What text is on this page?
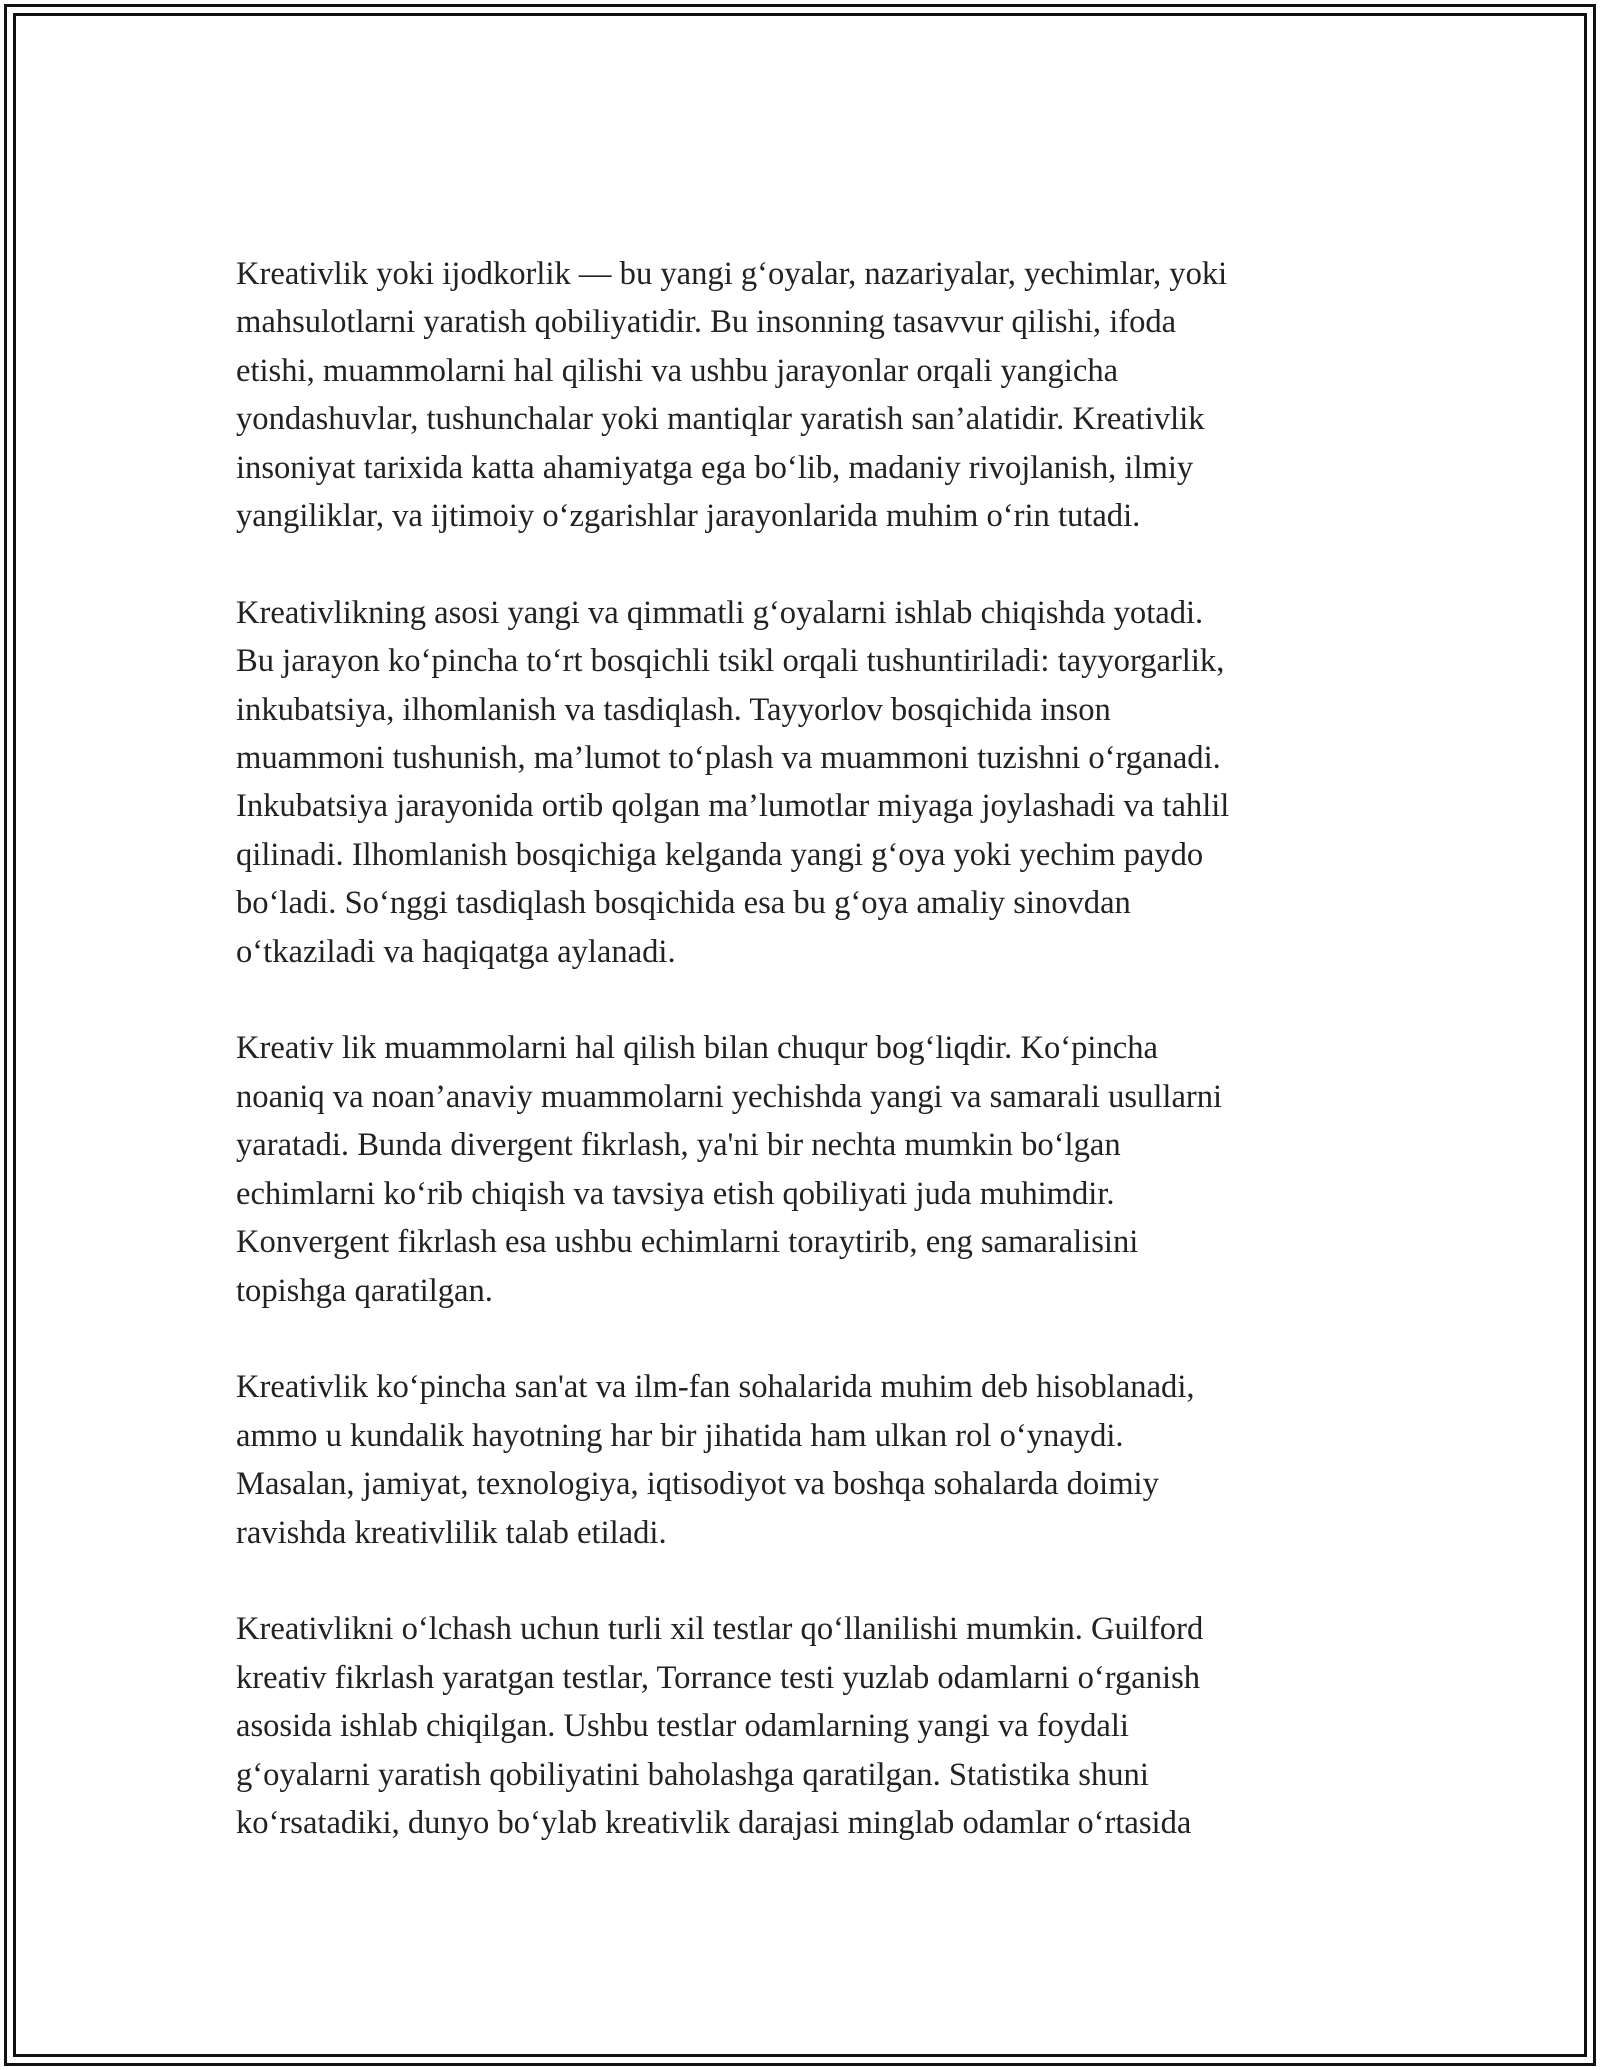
Kreativlik yoki ijodkorlik — bu yangi g‘oyalar, nazariyalar, yechimlar, yoki
mahsulotlarni yaratish qobiliyatidir. Bu insonning tasavvur qilishi, ifoda
etishi, muammolarni hal qilishi va ushbu jarayonlar orqali yangicha
yondashuvlar, tushunchalar yoki mantiqlar yaratish san’alatidir. Kreativlik
insoniyat tarixida katta ahamiyatga ega bo‘lib, madaniy rivojlanish, ilmiy
yangiliklar, va ijtimoiy o‘zgarishlar jarayonlarida muhim o‘rin tutadi.

Kreativlikning asosi yangi va qimmatli g‘oyalarni ishlab chiqishda yotadi.
Bu jarayon ko‘pincha to‘rt bosqichli tsikl orqali tushuntiriladi: tayyorgarlik,
inkubatsiya, ilhomlanish va tasdiqlash. Tayyorlov bosqichida inson
muammoni tushunish, ma’lumot to‘plash va muammoni tuzishni o‘rganadi.
Inkubatsiya jarayonida ortib qolgan ma’lumotlar miyaga joylashadi va tahlil
qilinadi. Ilhomlanish bosqichiga kelganda yangi g‘oya yoki yechim paydo
bo‘ladi. So‘nggi tasdiqlash bosqichida esa bu g‘oya amaliy sinovdan
o‘tkaziladi va haqiqatga aylanadi.

Kreativ lik muammolarni hal qilish bilan chuqur bog‘liqdir. Ko‘pincha
noaniq va noan’anaviy muammolarni yechishda yangi va samarali usullarni
yaratadi. Bunda divergent fikrlash, ya'ni bir nechta mumkin bo‘lgan
echimlarni ko‘rib chiqish va tavsiya etish qobiliyati juda muhimdir.
Konvergent fikrlash esa ushbu echimlarni toraytirib, eng samaralisini
topishga qaratilgan.

Kreativlik ko‘pincha san'at va ilm-fan sohalarida muhim deb hisoblanadi,
ammo u kundalik hayotning har bir jihatida ham ulkan rol o‘ynaydi.
Masalan, jamiyat, texnologiya, iqtisodiyot va boshqa sohalarda doimiy
ravishda kreativlilik talab etiladi.

Kreativlikni o‘lchash uchun turli xil testlar qo‘llanilishi mumkin. Guilford
kreativ fikrlash yaratgan testlar, Torrance testi yuzlab odamlarni o‘rganish
asosida ishlab chiqilgan. Ushbu testlar odamlarning yangi va foydali
g‘oyalarni yaratish qobiliyatini baholashga qaratilgan. Statistika shuni
ko‘rsatadiki, dunyo bo‘ylab kreativlik darajasi minglab odamlar o‘rtasida
